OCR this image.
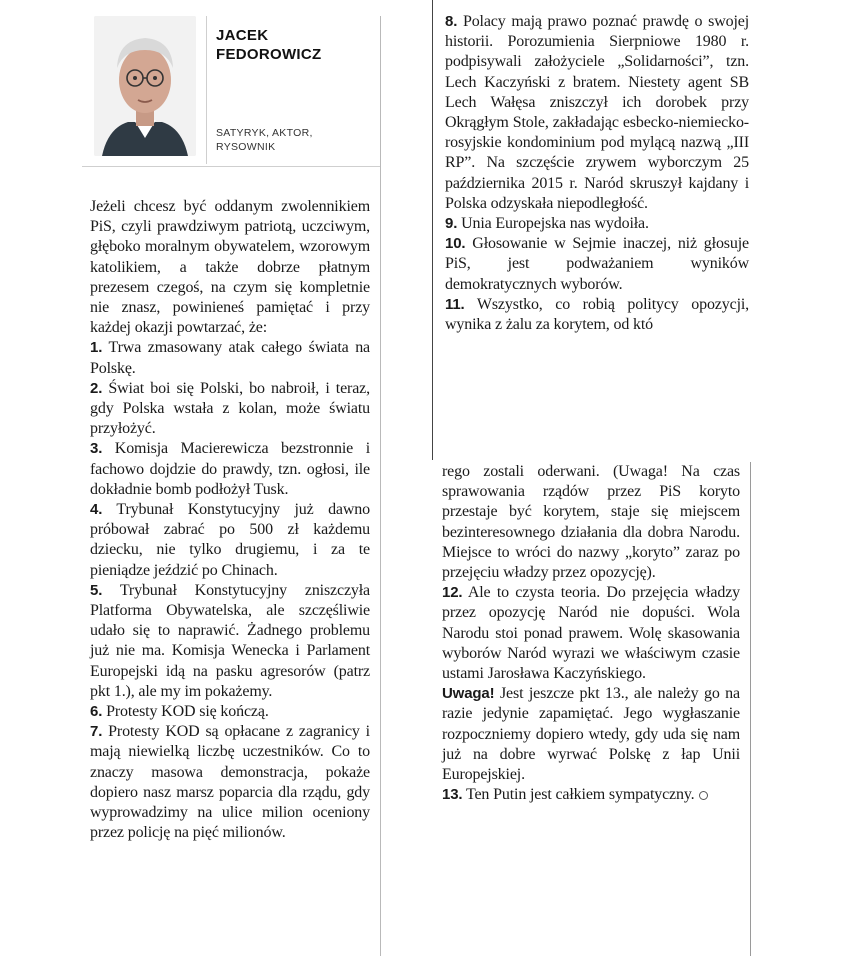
JACEK
FEDOROWICZ
SATYRYK, AKTOR,
RYSOWNIK

Jeżeli chcesz być oddanym zwolennikiem PiS, czyli prawdziwym patriotą, uczciwym, głęboko moralnym obywatelem, wzorowym katolikiem, a także dobrze płatnym prezesem czegoś, na czym się kompletnie nie znasz, powinieneś pamiętać i przy każdej okazji powtarzać, że:

1. Trwa zmasowany atak całego świata na Polskę.

2. Świat boi się Polski, bo nabroił, i teraz, gdy Polska wstała z kolan, może światu przyłożyć.

3. Komisja Macierewicza bezstronnie i fachowo dojdzie do prawdy, tzn. ogłosi, ile dokładnie bomb podłożył Tusk.

4. Trybunał Konstytucyjny już dawno próbował zabrać po 500 zł każdemu dziecku, nie tylko drugiemu, i za te pieniądze jeździć po Chinach.

5. Trybunał Konstytucyjny zniszczyła Platforma Obywatelska, ale szczęśliwie udało się to naprawić. Żadnego problemu już nie ma. Komisja Wenecka i Parlament Europejski idą na pasku agresorów (patrz pkt 1.), ale my im pokażemy.

6. Protesty KOD się kończą.

7. Protesty KOD są opłacane z zagranicy i mają niewielką liczbę uczestników. Co to znaczy masowa demonstracja, pokaże dopiero nasz marsz poparcia dla rządu, gdy wyprowadzimy na ulice milion oceniony przez policję na pięć milionów.

8. Polacy mają prawo poznać prawdę o swojej historii. Porozumienia Sierpniowe 1980 r. podpisywali założyciele „Solidarności”, tzn. Lech Kaczyński z bratem. Niestety agent SB Lech Wałęsa zniszczył ich dorobek przy Okrągłym Stole, zakładając esbecko-niemiecko-rosyjskie kondominium pod mylącą nazwą „III RP”. Na szczęście zrywem wyborczym 25 października 2015 r. Naród skruszył kajdany i Polska odzyskała niepodległość.

9. Unia Europejska nas wydoiła.

10. Głosowanie w Sejmie inaczej, niż głosuje PiS, jest podważaniem wyników demokratycznych wyborów.

11. Wszystko, co robią politycy opozycji, wynika z żalu za korytem, od któ

rego zostali oderwani. (Uwaga! Na czas sprawowania rządów przez PiS koryto przestaje być korytem, staje się miejscem bezinteresownego działania dla dobra Narodu. Miejsce to wróci do nazwy „koryto” zaraz po przejęciu władzy przez opozycję).

12. Ale to czysta teoria. Do przejęcia władzy przez opozycję Naród nie dopuści. Wola Narodu stoi ponad prawem. Wolę skasowania wyborów Naród wyrazi we właściwym czasie ustami Jarosława Kaczyńskiego.

Uwaga! Jest jeszcze pkt 13., ale należy go na razie jedynie zapamiętać. Jego wygłaszanie rozpoczniemy dopiero wtedy, gdy uda się nam już na dobre wyrwać Polskę z łap Unii Europejskiej.

13. Ten Putin jest całkiem sympatyczny.
